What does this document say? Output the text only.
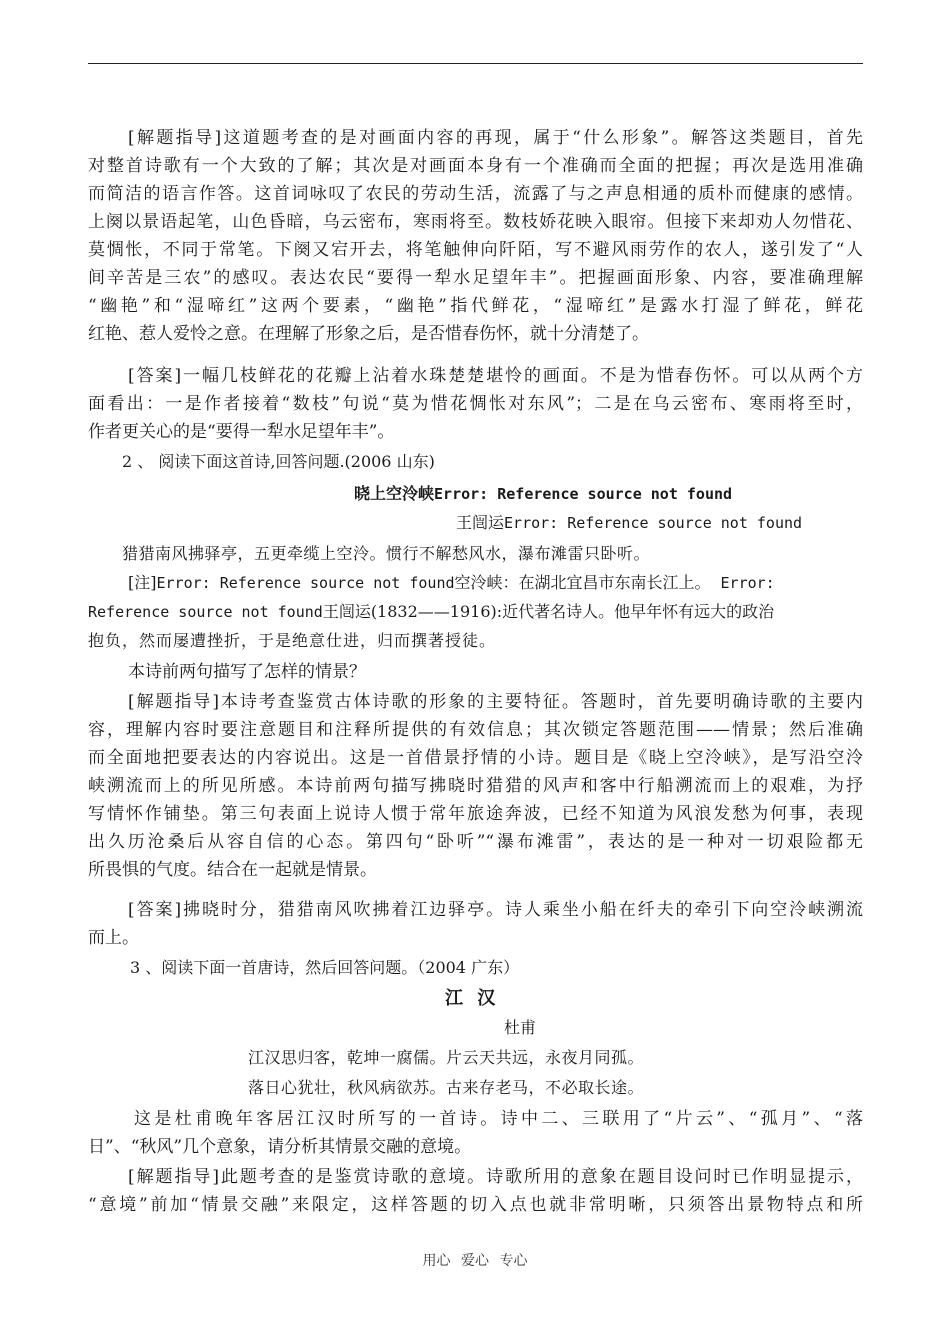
[解题指导]这道题考查的是对画面内容的再现，属于“什么形象”。解答这类题目，首先
对整首诗歌有一个大致的了解；其次是对画面本身有一个准确而全面的把握；再次是选用准确
而简洁的语言作答。这首词咏叹了农民的劳动生活，流露了与之声息相通的质朴而健康的感情。
上阕以景语起笔，山色昏暗，乌云密布，寒雨将至。数枝娇花映入眼帘。但接下来却劝人勿惜花、
莫惆怅，不同于常笔。下阕又宕开去，将笔触伸向阡陌，写不避风雨劳作的农人，遂引发了“人
间辛苦是三农”的感叹。表达农民“要得一犁水足望年丰”。把握画面形象、内容，要准确理解
“幽艳”和“湿啼红”这两个要素，“幽艳”指代鲜花，“湿啼红”是露水打湿了鲜花，鲜花
红艳、惹人爱怜之意。在理解了形象之后，是否惜春伤怀，就十分清楚了。
[答案]一幅几枝鲜花的花瓣上沾着水珠楚楚堪怜的画面。不是为惜春伤怀。可以从两个方
面看出：一是作者接着“数枝”句说“莫为惜花惆怅对东风”；二是在乌云密布、寒雨将至时，
作者更关心的是“要得一犁水足望年丰”。
2 、 阅读下面这首诗,回答问题.(2006 山东)
晓上空泠峡Error: Reference source not found
王闿运Error: Reference source not found
猎猎南风拂驿亭，五更牵缆上空泠。惯行不解愁风水，瀑布滩雷只卧听。
[注]Error: Reference source not found空泠峡：在湖北宜昌市东南长江上。 Error:
Reference source not found王闿运(1832——1916):近代著名诗人。他早年怀有远大的政治
抱负，然而屡遭挫折，于是绝意仕进，归而撰著授徒。
本诗前两句描写了怎样的情景？
[解题指导]本诗考查鉴赏古体诗歌的形象的主要特征。答题时，首先要明确诗歌的主要内
容，理解内容时要注意题目和注释所提供的有效信息；其次锁定答题范围——情景；然后准确
而全面地把要表达的内容说出。这是一首借景抒情的小诗。题目是《晓上空泠峡》，是写沿空泠
峡溯流而上的所见所感。本诗前两句描写拂晓时猎猎的风声和客中行船溯流而上的艰难，为抒
写情怀作铺垫。第三句表面上说诗人惯于常年旅途奔波，已经不知道为风浪发愁为何事，表现
出久历沧桑后从容自信的心态。第四句“卧听”“瀑布滩雷”，表达的是一种对一切艰险都无
所畏惧的气度。结合在一起就是情景。
[答案]拂晓时分，猎猎南风吹拂着江边驿亭。诗人乘坐小船在纤夫的牵引下向空泠峡溯流
而上。
3 、阅读下面一首唐诗，然后回答问题。（2004 广东）
江 汉
杜甫
江汉思归客，乾坤一腐儒。片云天共远，永夜月同孤。
落日心犹壮，秋风病欲苏。古来存老马，不必取长途。
这是杜甫晚年客居江汉时所写的一首诗。诗中二、三联用了“片云”、“孤月”、“落
日”、“秋风”几个意象，请分析其情景交融的意境。
[解题指导]此题考查的是鉴赏诗歌的意境。诗歌所用的意象在题目设问时已作明显提示，
“意境”前加“情景交融”来限定，这样答题的切入点也就非常明晰，只须答出景物特点和所
用心 爱心 专心
